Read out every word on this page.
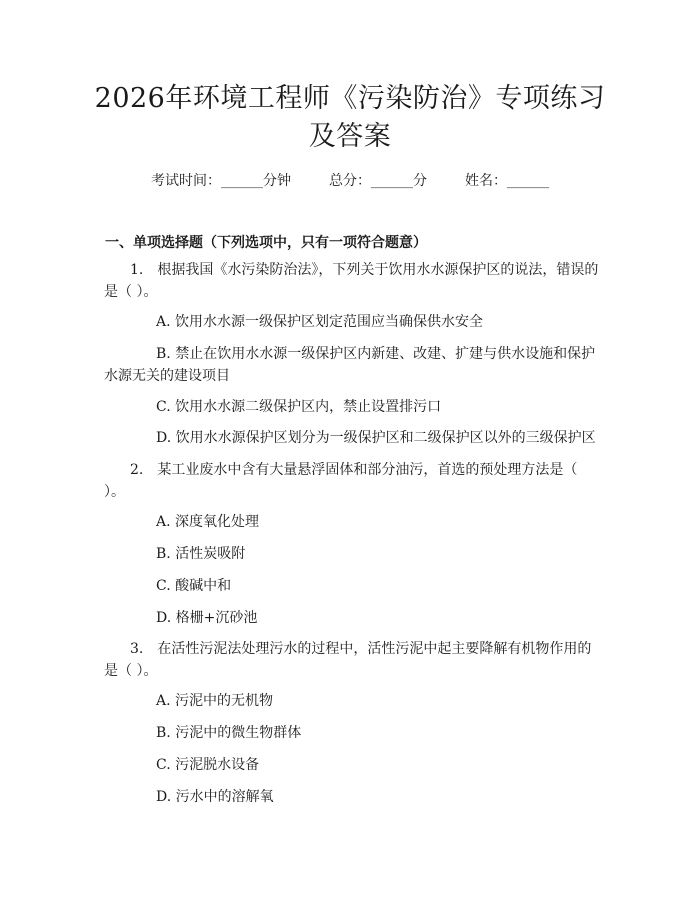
2026年环境工程师《污染防治》专项练习及答案
考试时间：______分钟	总分：______分	姓名：______
一、单项选择题（下列选项中，只有一项符合题意）
1.　根据我国《水污染防治法》，下列关于饮用水水源保护区的说法，错误的是（ ）。
A. 饮用水水源一级保护区划定范围应当确保供水安全
B. 禁止在饮用水水源一级保护区内新建、改建、扩建与供水设施和保护水源无关的建设项目
C. 饮用水水源二级保护区内，禁止设置排污口
D. 饮用水水源保护区划分为一级保护区和二级保护区以外的三级保护区
2.　某工业废水中含有大量悬浮固体和部分油污，首选的预处理方法是（ ）。
A. 深度氧化处理
B. 活性炭吸附
C. 酸碱中和
D. 格栅+沉砂池
3.　在活性污泥法处理污水的过程中，活性污泥中起主要降解有机物作用的是（ ）。
A. 污泥中的无机物
B. 污泥中的微生物群体
C. 污泥脱水设备
D. 污水中的溶解氧
